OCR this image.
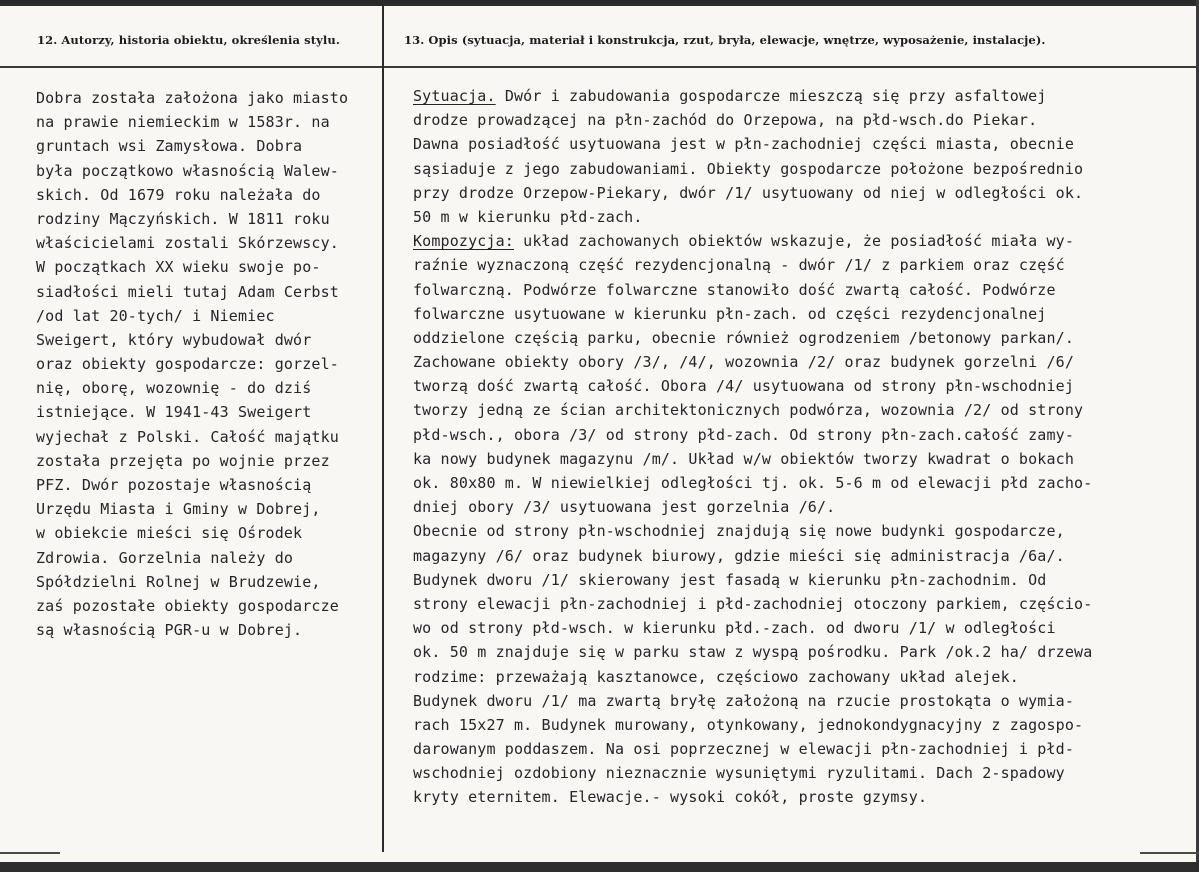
12. Autorzy, historia obiektu, określenia stylu.	13. Opis (sytuacja, materiał i konstrukcja, rzut, bryła, elewacje, wnętrze, wyposażenie, instalacje).
Dobra została założona jako miasto
na prawie niemieckim w 1583r. na
gruntach wsi Zamysłowa. Dobra
była początkowo własnością Walew-
skich. Od 1679 roku należała do
rodziny Mączyńskich. W 1811 roku
właścicielami zostali Skórzewscy.
W początkach XX wieku swoje po-
siadłości mieli tutaj Adam Cerbst
/od lat 20-tych/ i Niemiec
Sweigert, który wybudował dwór
oraz obiekty gospodarcze: gorzel-
nię, oborę, wozownię - do dziś
istniejące. W 1941-43 Sweigert
wyjechał z Polski. Całość majątku
została przejęta po wojnie przez
PFZ. Dwór pozostaje własnością
Urzędu Miasta i Gminy w Dobrej,
w obiekcie mieści się Ośrodek
Zdrowia. Gorzelnia należy do
Spółdzielni Rolnej w Brudzewie,
zaś pozostałe obiekty gospodarcze
są własnością PGR-u w Dobrej.
Sytuacja. Dwór i zabudowania gospodarcze mieszczą się przy asfaltowej
drodze prowadzącej na płn-zachód do Orzepowa, na płd-wsch.do Piekar.
Dawna posiadłość usytuowana jest w płn-zachodniej części miasta, obecnie
sąsiaduje z jego zabudowaniami. Obiekty gospodarcze położone bezpośrednio
przy drodze Orzepow-Piekary, dwór /1/ usytuowany od niej w odległości ok.
50 m w kierunku płd-zach.
Kompozycja: układ zachowanych obiektów wskazuje, że posiadłość miała wy-
raźnie wyznaczoną część rezydencjonalną - dwór /1/ z parkiem oraz część
folwarczną. Podwórze folwarczne stanowiło dość zwartą całość. Podwórze
folwarczne usytuowane w kierunku płn-zach. od części rezydencjonalnej
oddzielone częścią parku, obecnie również ogrodzeniem /betonowy parkan/.
Zachowane obiekty obory /3/, /4/, wozownia /2/ oraz budynek gorzelni /6/
tworzą dość zwartą całość. Obora /4/ usytuowana od strony płn-wschodniej
tworzy jedną ze ścian architektonicznych podwórza, wozownia /2/ od strony
płd-wsch., obora /3/ od strony płd-zach. Od strony płn-zach.całość zamy-
ka nowy budynek magazynu /m/. Układ w/w obiektów tworzy kwadrat o bokach
ok. 80x80 m. W niewielkiej odległości tj. ok. 5-6 m od elewacji płd zacho-
dniej obory /3/ usytuowana jest gorzelnia /6/.
Obecnie od strony płn-wschodniej znajdują się nowe budynki gospodarcze,
magazyny /6/ oraz budynek biurowy, gdzie mieści się administracja /6a/.
Budynek dworu /1/ skierowany jest fasadą w kierunku płn-zachodnim. Od
strony elewacji płn-zachodniej i płd-zachodniej otoczony parkiem, częścio-
wo od strony płd-wsch. w kierunku płd.-zach. od dworu /1/ w odległości
ok. 50 m znajduje się w parku staw z wyspą pośrodku. Park /ok.2 ha/ drzewa
rodzime: przeważają kasztanowce, częściowo zachowany układ alejek.
Budynek dworu /1/ ma zwartą bryłę założoną na rzucie prostokąta o wymia-
rach 15x27 m. Budynek murowany, otynkowany, jednokondygnacyjny z zagospo-
darowanym poddaszem. Na osi poprzecznej w elewacji płn-zachodniej i płd-
wschodniej ozdobiony nieznacznie wysuniętymi ryzulitami. Dach 2-spadowy
kryty eternitem. Elewacje.- wysoki cokół, proste gzymsy.
